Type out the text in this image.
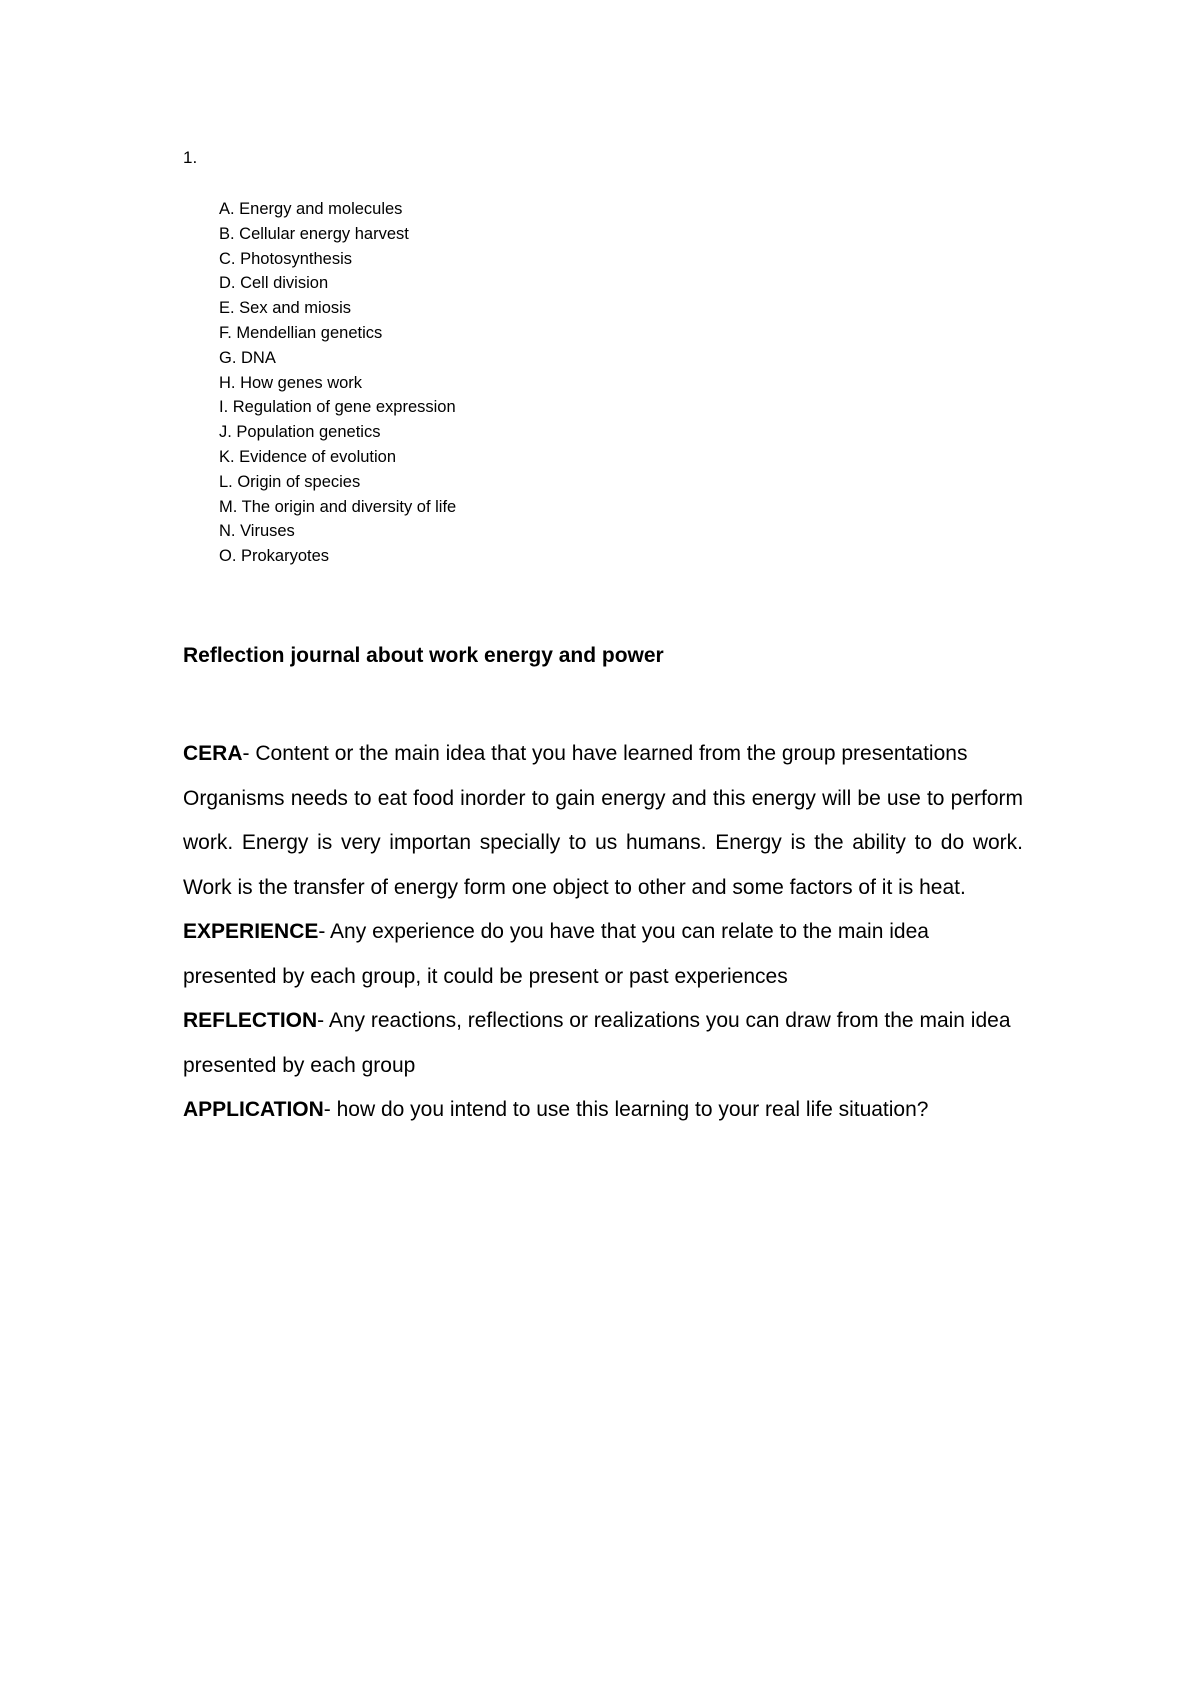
1.
A. Energy and molecules
B. Cellular energy harvest
C. Photosynthesis
D. Cell division
E. Sex and miosis
F. Mendellian genetics
G. DNA
H. How genes work
I. Regulation of gene expression
J. Population genetics
K. Evidence of evolution
L. Origin of species
M. The origin and diversity of life
N. Viruses
O. Prokaryotes
Reflection journal about work energy and power

CERA- Content or the main idea that you have learned from the group presentations

Organisms needs to eat food inorder to gain energy and this energy will be use to perform work. Energy is very importan specially to us humans. Energy is the ability to do work. Work is the transfer of energy form one object to other and some factors of it is heat.

EXPERIENCE- Any experience do you have that you can relate to the main idea presented by each group, it could be present or past experiences

REFLECTION- Any reactions, reflections or realizations you can draw from the main idea presented by each group

APPLICATION- how do you intend to use this learning to your real life situation?
